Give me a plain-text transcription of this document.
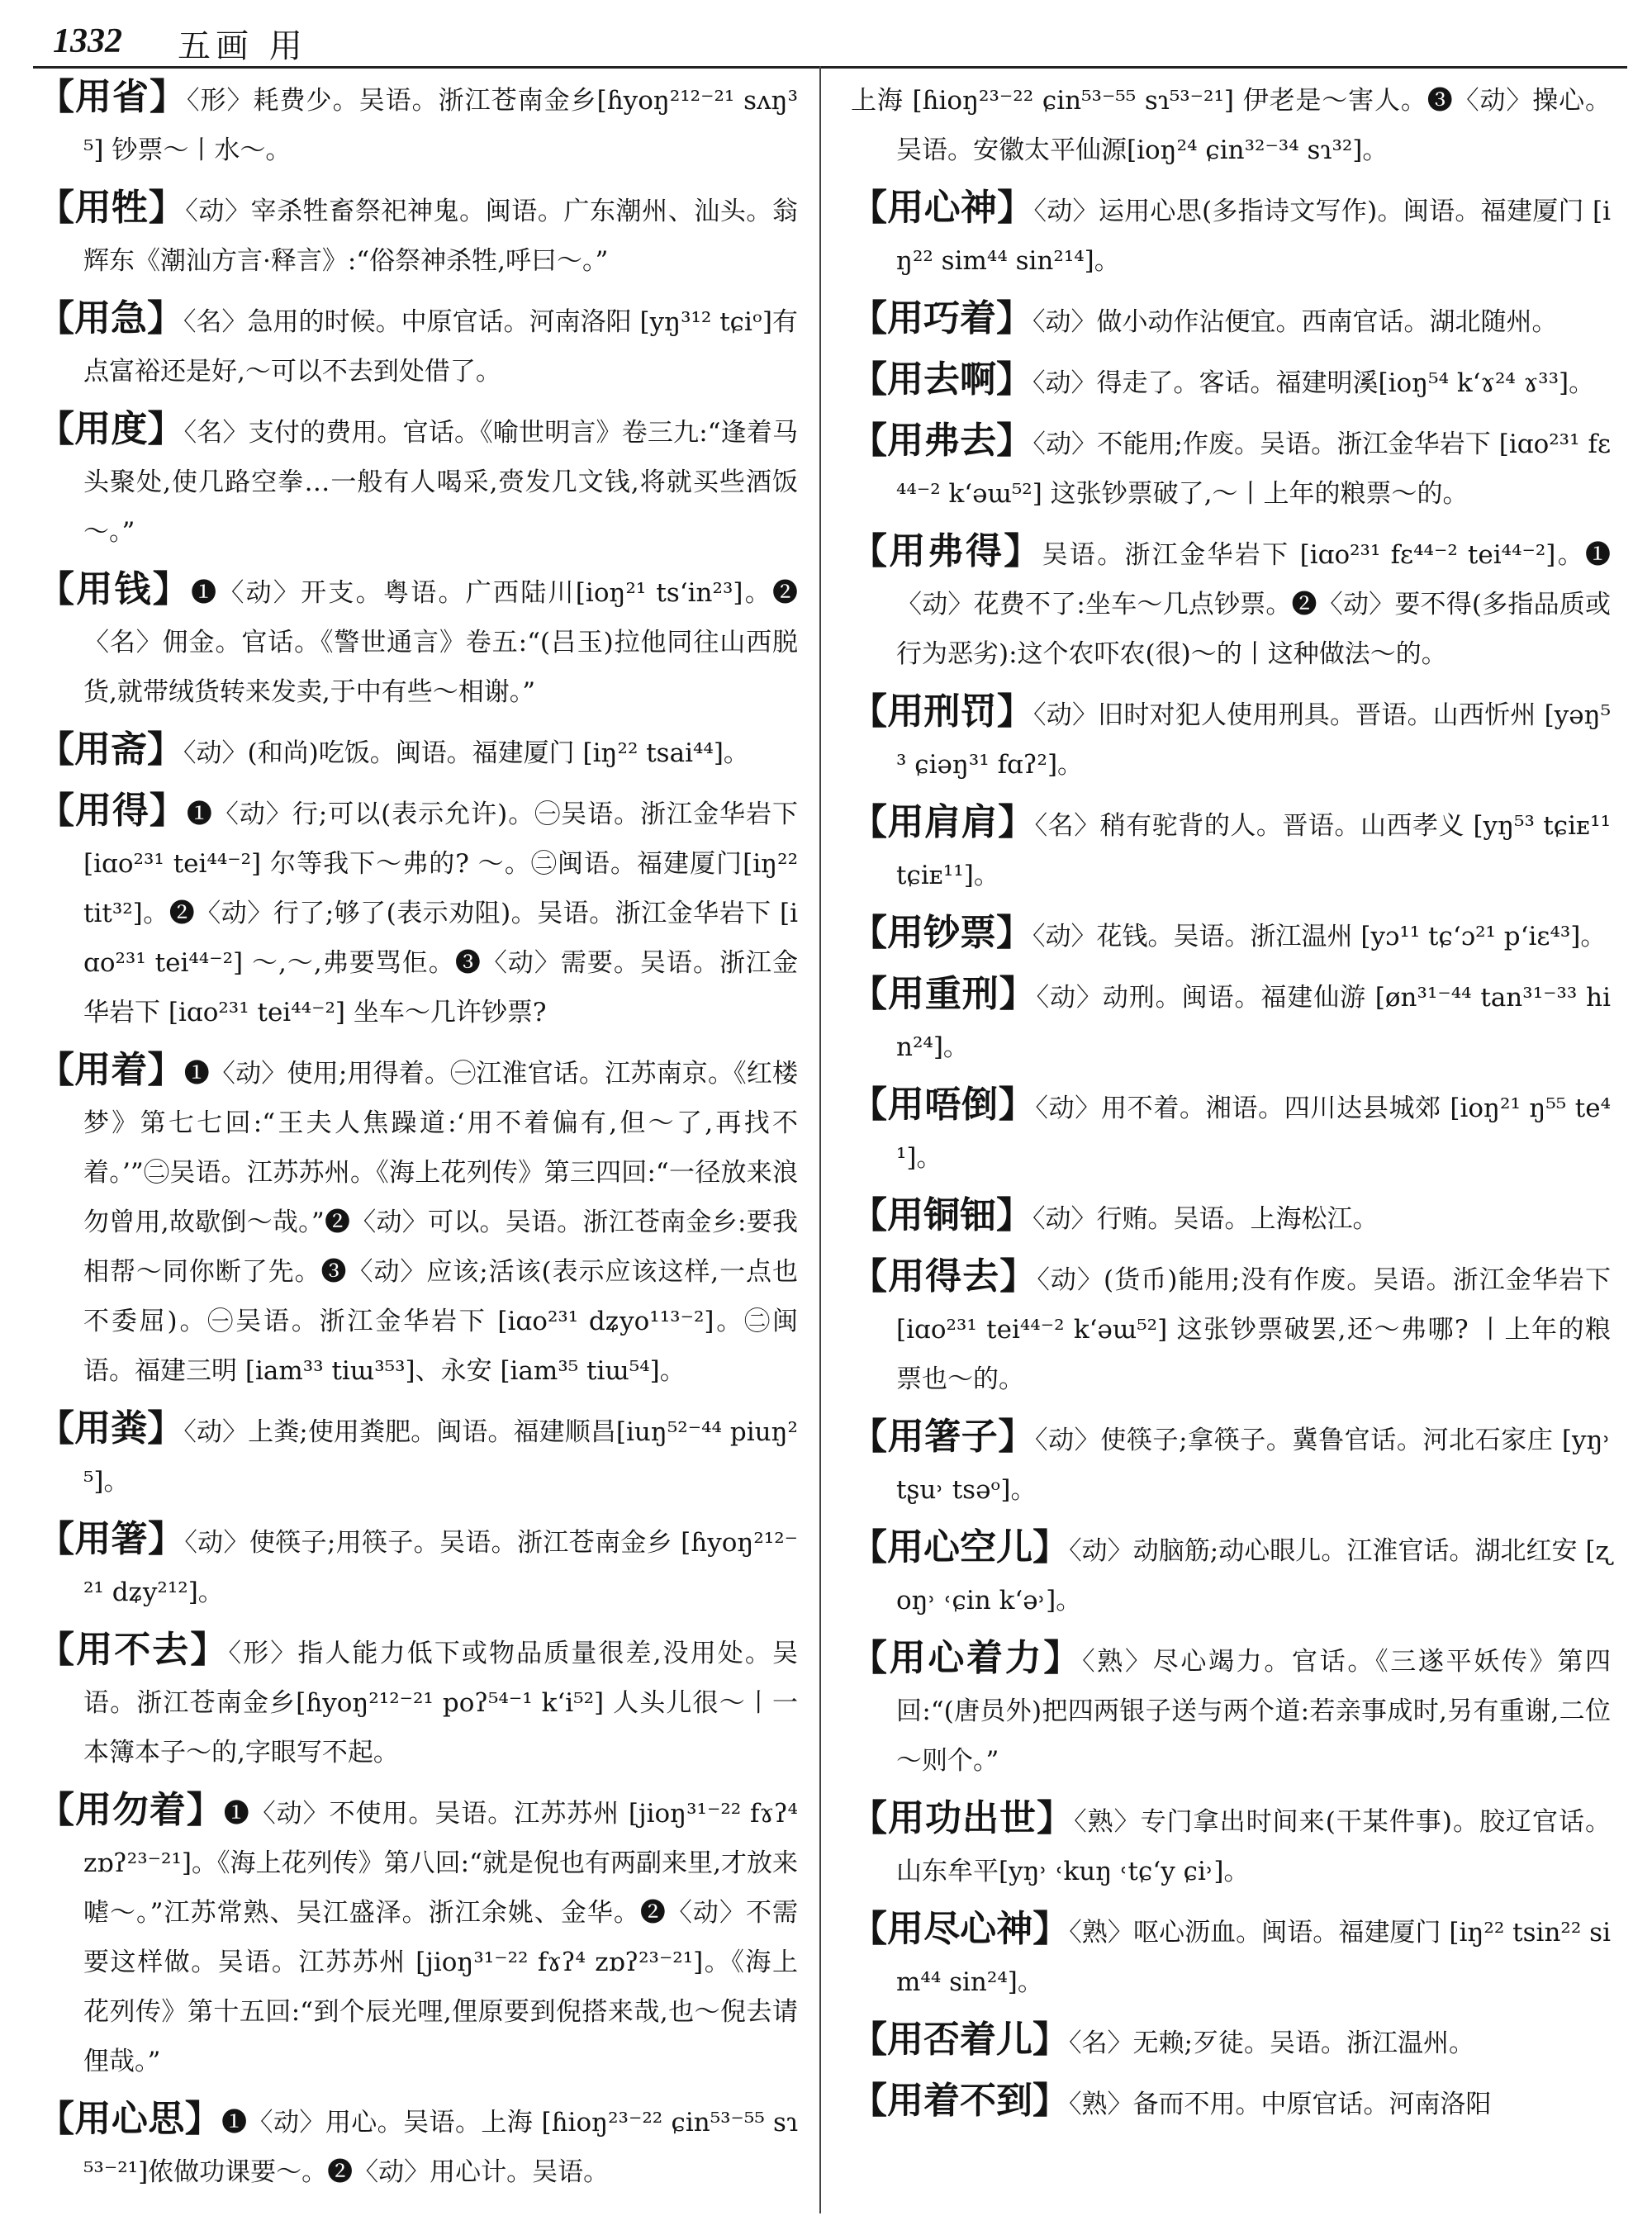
1332 五画 用
【用省】〈形〉耗费少。吴语。浙江苍南金乡[ɦyoŋ²¹²⁻²¹ sʌŋ³⁵] 钞票～丨水～。
【用牲】〈动〉宰杀牲畜祭祀神鬼。闽语。广东潮州、汕头。翁辉东《潮汕方言·释言》:“俗祭神杀牲,呼曰～。”
【用急】〈名〉急用的时候。中原官话。河南洛阳 [yŋ³¹² tɕiᵒ]有点富裕还是好,～可以不去到处借了。
【用度】〈名〉支付的费用。官话。《喻世明言》卷三九:“逢着马头聚处,使几路空拳…一般有人喝采,赍发几文钱,将就买些酒饭～。”
【用钱】❶〈动〉开支。粤语。广西陆川[ioŋ²¹ ts‘in²³]。❷〈名〉佣金。官话。《警世通言》卷五:“(吕玉)拉他同往山西脱货,就带绒货转来发卖,于中有些～相谢。”
【用斋】〈动〉(和尚)吃饭。闽语。福建厦门 [iŋ²² tsai⁴⁴]。
【用得】❶〈动〉行;可以(表示允许)。㊀吴语。浙江金华岩下 [iɑo²³¹ tei⁴⁴⁻²] 尔等我下～弗的? ～。㊁闽语。福建厦门[iŋ²² tit³²]。❷〈动〉行了;够了(表示劝阻)。吴语。浙江金华岩下 [iɑo²³¹ tei⁴⁴⁻²] ～,～,弗要骂佢。❸〈动〉需要。吴语。浙江金华岩下 [iɑo²³¹ tei⁴⁴⁻²] 坐车～几许钞票?
【用着】❶〈动〉使用;用得着。㊀江淮官话。江苏南京。《红楼梦》第七七回:“王夫人焦躁道:‘用不着偏有,但～了,再找不着。’”㊁吴语。江苏苏州。《海上花列传》第三四回:“一径放来浪勿曾用,故歇倒～哉。”❷〈动〉可以。吴语。浙江苍南金乡:要我相帮～同你断了先。❸〈动〉应该;活该(表示应该这样,一点也不委屈)。㊀吴语。浙江金华岩下 [iɑo²³¹ dʑyo¹¹³⁻²]。㊁闽语。福建三明 [iam³³ tiɯ³⁵³]、永安 [iam³⁵ tiɯ⁵⁴]。
【用粪】〈动〉上粪;使用粪肥。闽语。福建顺昌[iuŋ⁵²⁻⁴⁴ piuŋ²⁵]。
【用箸】〈动〉使筷子;用筷子。吴语。浙江苍南金乡 [ɦyoŋ²¹²⁻²¹ dʑy²¹²]。
【用不去】〈形〉指人能力低下或物品质量很差,没用处。吴语。浙江苍南金乡[ɦyoŋ²¹²⁻²¹ poʔ⁵⁴⁻¹ k‘i⁵²] 人头儿很～丨一本簿本子～的,字眼写不起。
【用勿着】❶〈动〉不使用。吴语。江苏苏州 [jioŋ³¹⁻²² fɤʔ⁴ zɒʔ²³⁻²¹]。《海上花列传》第八回:“就是倪也有两副来里,才放来㖸～。”江苏常熟、吴江盛泽。浙江余姚、金华。❷〈动〉不需要这样做。吴语。江苏苏州 [jioŋ³¹⁻²² fɤʔ⁴ zɒʔ²³⁻²¹]。《海上花列传》第十五回:“到个辰光哩,俚原要到倪搭来哉,也～倪去请俚哉。”
【用心思】❶〈动〉用心。吴语。上海 [ɦioŋ²³⁻²² ɕin⁵³⁻⁵⁵ sɿ⁵³⁻²¹]侬做功课要～。❷〈动〉用心计。吴语。
上海 [ɦioŋ²³⁻²² ɕin⁵³⁻⁵⁵ sɿ⁵³⁻²¹] 伊老是～害人。❸〈动〉操心。吴语。安徽太平仙源[ioŋ²⁴ ɕin³²⁻³⁴ sɿ³²]。
【用心神】〈动〉运用心思(多指诗文写作)。闽语。福建厦门 [iŋ²² sim⁴⁴ sin²¹⁴]。
【用巧着】〈动〉做小动作沾便宜。西南官话。湖北随州。
【用去啊】〈动〉得走了。客话。福建明溪[ioŋ⁵⁴ k‘ɤ²⁴ ɤ³³]。
【用弗去】〈动〉不能用;作废。吴语。浙江金华岩下 [iɑo²³¹ fɛ⁴⁴⁻² k‘əɯ⁵²] 这张钞票破了,～丨上年的粮票～的。
【用弗得】吴语。浙江金华岩下 [iɑo²³¹ fɛ⁴⁴⁻² tei⁴⁴⁻²]。❶〈动〉花费不了:坐车～几点钞票。❷〈动〉要不得(多指品质或行为恶劣):这个农吓农(很)～的丨这种做法～的。
【用刑罚】〈动〉旧时对犯人使用刑具。晋语。山西忻州 [yəŋ⁵³ ɕiəŋ³¹ fɑʔ²]。
【用肩肩】〈名〉稍有驼背的人。晋语。山西孝义 [yŋ⁵³ tɕiᴇ¹¹ tɕiᴇ¹¹]。
【用钞票】〈动〉花钱。吴语。浙江温州 [yɔ¹¹ tɕ‘ɔ²¹ p‘iɛ⁴³]。
【用重刑】〈动〉动刑。闽语。福建仙游 [øn³¹⁻⁴⁴ tan³¹⁻³³ hin²⁴]。
【用唔倒】〈动〉用不着。湘语。四川达县城郊 [ioŋ²¹ ŋ⁵⁵ te⁴¹]。
【用铜钿】〈动〉行贿。吴语。上海松江。
【用得去】〈动〉(货币)能用;没有作废。吴语。浙江金华岩下 [iɑo²³¹ tei⁴⁴⁻² k‘əɯ⁵²] 这张钞票破罢,还～弗哪? 丨上年的粮票也～的。
【用箸子】〈动〉使筷子;拿筷子。冀鲁官话。河北石家庄 [yŋ˒ tʂu˒ tsəᵒ]。
【用心空儿】〈动〉动脑筋;动心眼儿。江淮官话。湖北红安 [ʐoŋ˒ ˓ɕin k‘ə˒]。
【用心着力】〈熟〉尽心竭力。官话。《三遂平妖传》第四回:“(唐员外)把四两银子送与两个道:若亲事成时,另有重谢,二位～则个。”
【用功出世】〈熟〉专门拿出时间来(干某件事)。胶辽官话。山东牟平[yŋ˒ ˓kuŋ ˓tɕ‘y ɕi˒]。
【用尽心神】〈熟〉呕心沥血。闽语。福建厦门 [iŋ²² tsin²² sim⁴⁴ sin²⁴]。
【用否着儿】〈名〉无赖;歹徒。吴语。浙江温州。
【用着不到】〈熟〉备而不用。中原官话。河南洛阳
